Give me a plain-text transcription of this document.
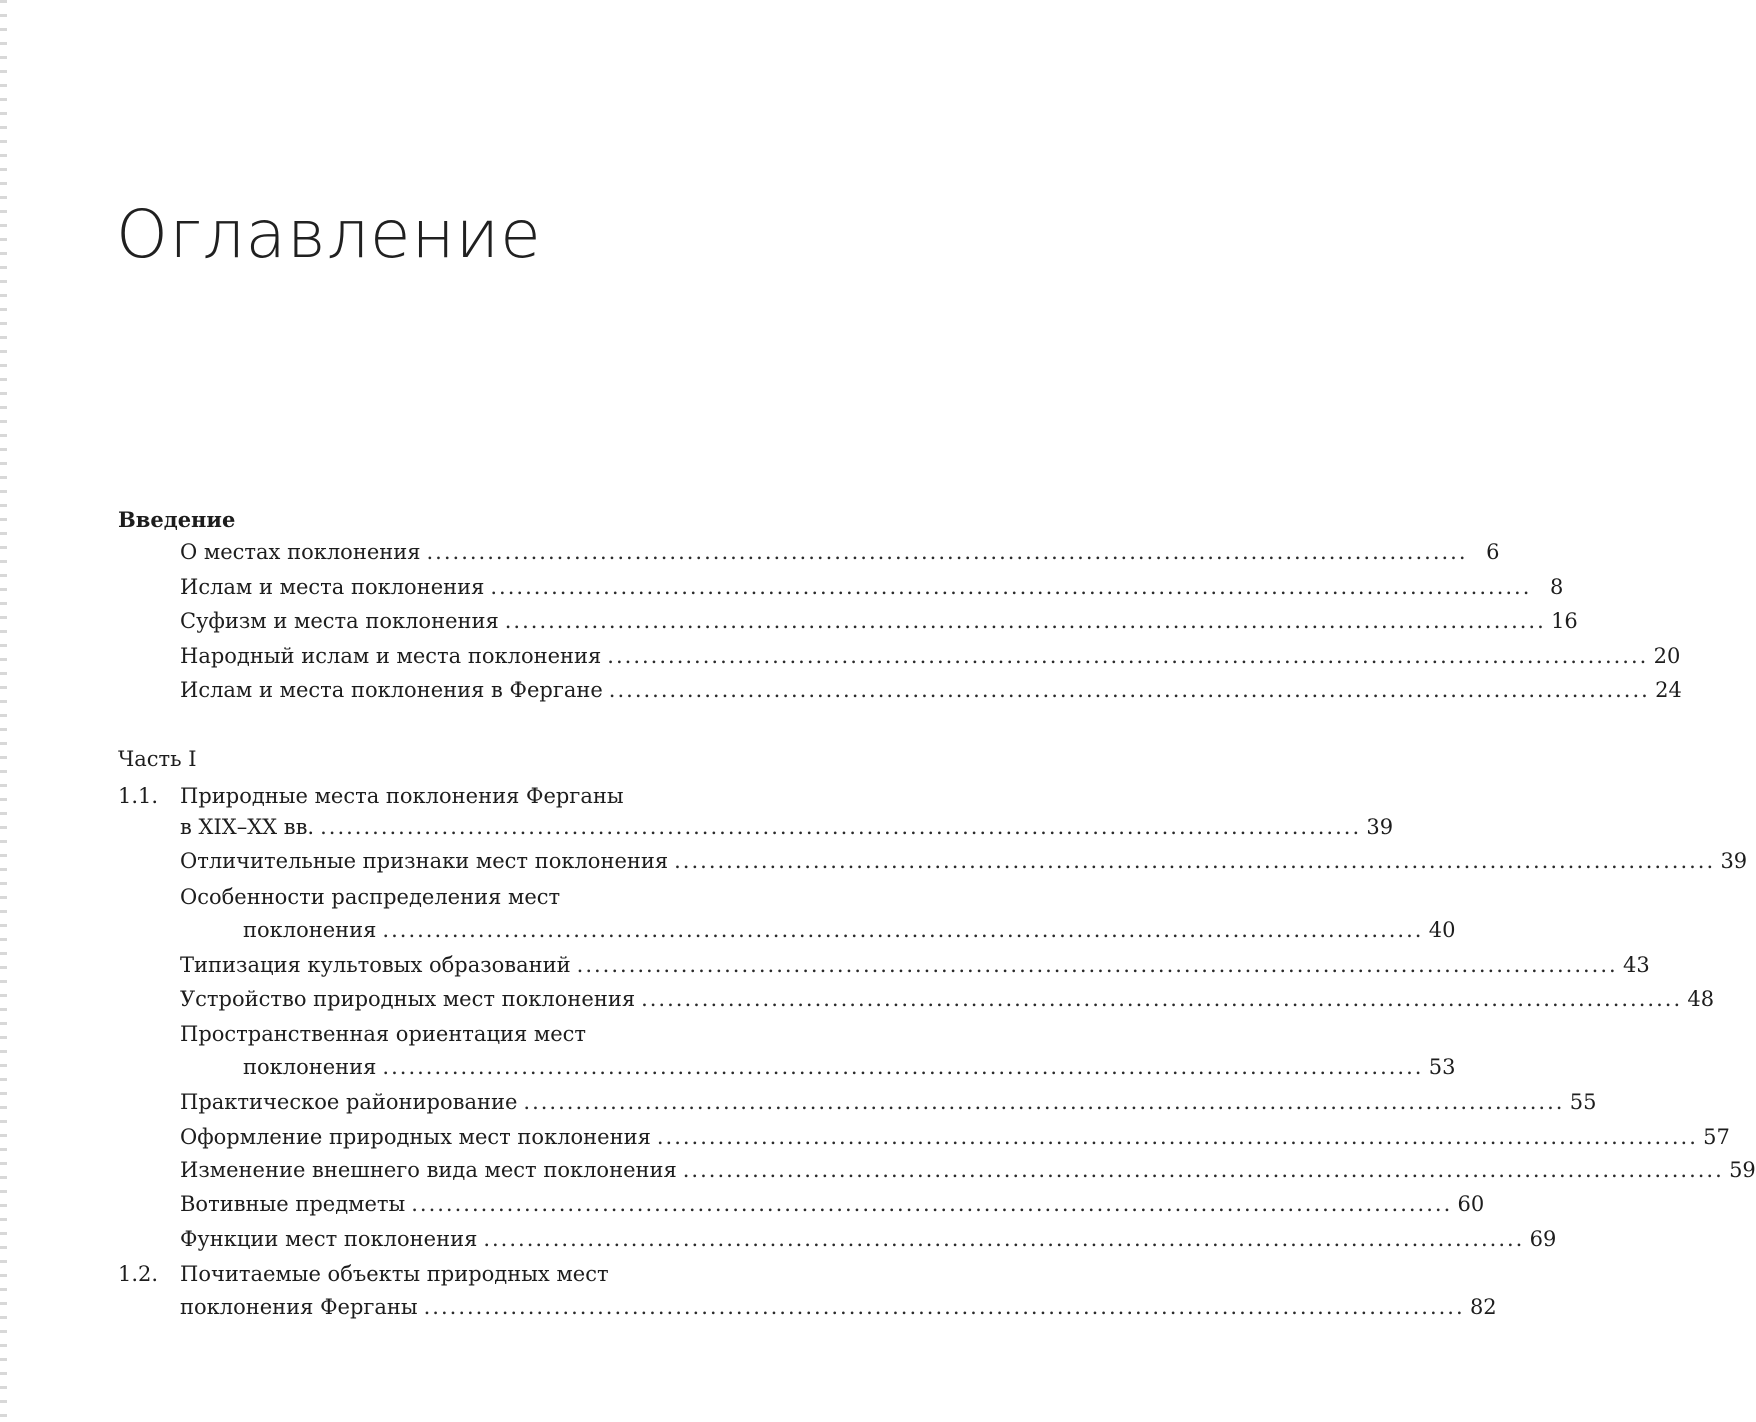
Оглавление
Введение
О местах поклонения ........................................................................................................................ 6
Ислам и места поклонения ........................................................................................................................ 8
Суфизм и места поклонения ........................................................................................................................ 16
Народный ислам и места поклонения ........................................................................................................................ 20
Ислам и места поклонения в Фергане ........................................................................................................................ 24
Часть I
1.1. Природные места поклонения Ферганы
в XIX–XX вв. ........................................................................................................................ 39
Отличительные признаки мест поклонения ........................................................................................................................ 39
Особенности распределения мест
поклонения ........................................................................................................................ 40
Типизация культовых образований ........................................................................................................................ 43
Устройство природных мест поклонения ........................................................................................................................ 48
Пространственная ориентация мест
поклонения ........................................................................................................................ 53
Практическое районирование ........................................................................................................................ 55
Оформление природных мест поклонения ........................................................................................................................ 57
Изменение внешнего вида мест поклонения ........................................................................................................................ 59
Вотивные предметы ........................................................................................................................ 60
Функции мест поклонения ........................................................................................................................ 69
1.2. Почитаемые объекты природных мест
поклонения Ферганы ........................................................................................................................ 82
